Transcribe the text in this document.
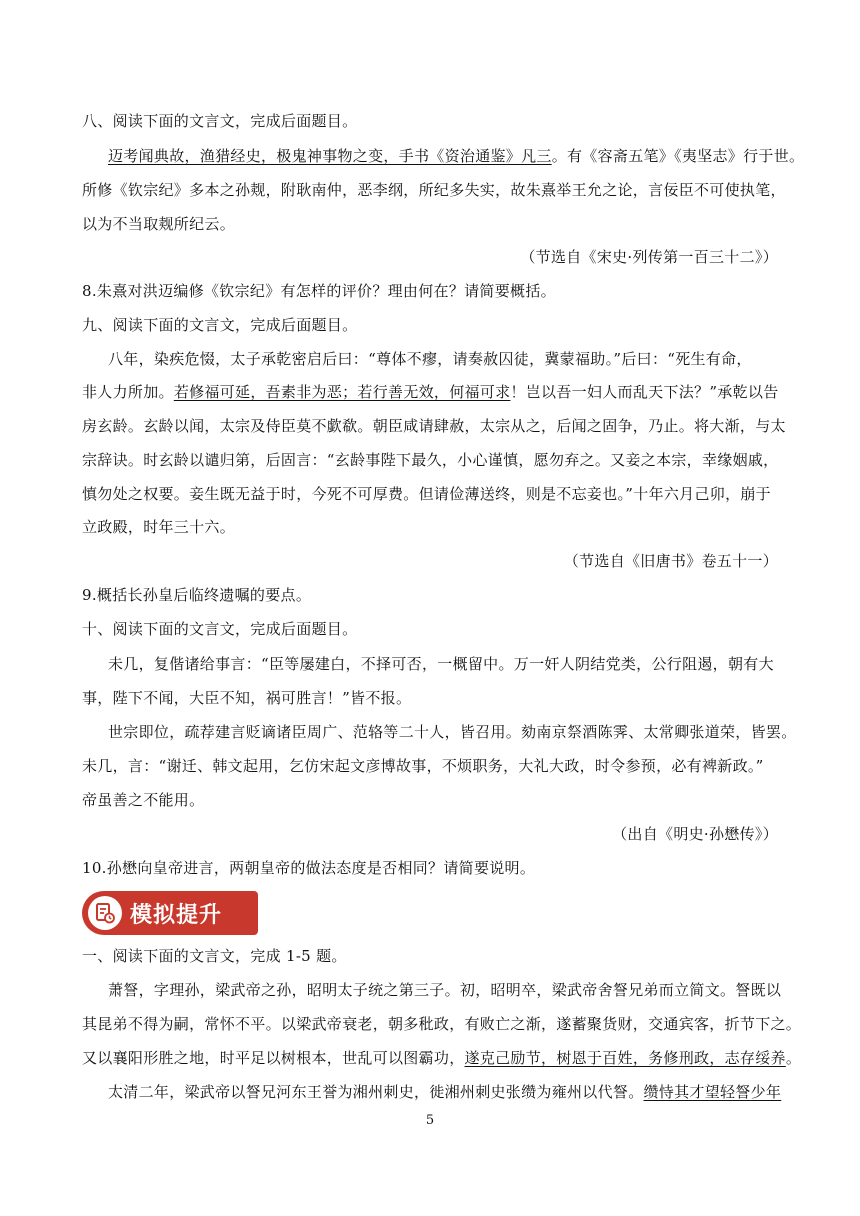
八、阅读下面的文言文，完成后面题目。
迈考闻典故，渔猎经史，极鬼神事物之变，手书《资治通鉴》凡三。有《容斋五笔》《夷坚志》行于世。
所修《钦宗纪》多本之孙觌，附耿南仲，恶李纲，所纪多失实，故朱熹举王允之论，言佞臣不可使执笔，
以为不当取觌所纪云。
（节选自《宋史·列传第一百三十二》）
8.朱熹对洪迈编修《钦宗纪》有怎样的评价？理由何在？请简要概括。
九、阅读下面的文言文，完成后面题目。
八年，染疾危惙，太子承乾密启后曰：“尊体不瘳，请奏赦囚徒，冀蒙福助。”后曰：“死生有命，
非人力所加。若修福可延，吾素非为恶；若行善无效，何福可求！岂以吾一妇人而乱天下法？”承乾以告
房玄龄。玄龄以闻，太宗及侍臣莫不歔欷。朝臣咸请肆赦，太宗从之，后闻之固争，乃止。将大渐，与太
宗辞诀。时玄龄以谴归第，后固言：“玄龄事陛下最久，小心谨慎，愿勿弃之。又妾之本宗，幸缘姻戚，
慎勿处之权要。妾生既无益于时，今死不可厚费。但请俭薄送终，则是不忘妾也。”十年六月己卯，崩于
立政殿，时年三十六。
（节选自《旧唐书》卷五十一）
9.概括长孙皇后临终遗嘱的要点。
十、阅读下面的文言文，完成后面题目。
未几，复偕诸给事言：“臣等屡建白，不择可否，一概留中。万一奸人阴结党类，公行阻遏，朝有大
事，陛下不闻，大臣不知，祸可胜言！”皆不报。
世宗即位，疏荐建言贬谪诸臣周广、范辂等二十人，皆召用。劾南京祭酒陈霁、太常卿张道荣，皆罢。
未几，言：“谢迁、韩文起用，乞仿宋起文彦博故事，不烦职务，大礼大政，时令参预，必有裨新政。”
帝虽善之不能用。
（出自《明史·孙懋传》）
10.孙懋向皇帝进言，两朝皇帝的做法态度是否相同？请简要说明。
模拟提升
一、阅读下面的文言文，完成 1-5 题。
萧詧，字理孙，梁武帝之孙，昭明太子统之第三子。初，昭明卒，梁武帝舍詧兄弟而立简文。詧既以
其昆弟不得为嗣，常怀不平。以梁武帝衰老，朝多秕政，有败亡之渐，遂蓄聚货财，交通宾客，折节下之。
又以襄阳形胜之地，时平足以树根本，世乱可以图霸功，遂克己励节，树恩于百姓，务修刑政，志存绥养。
太清二年，梁武帝以詧兄河东王誉为湘州刺史，徙湘州刺史张缵为雍州以代詧。缵恃其才望轻詧少年
5
